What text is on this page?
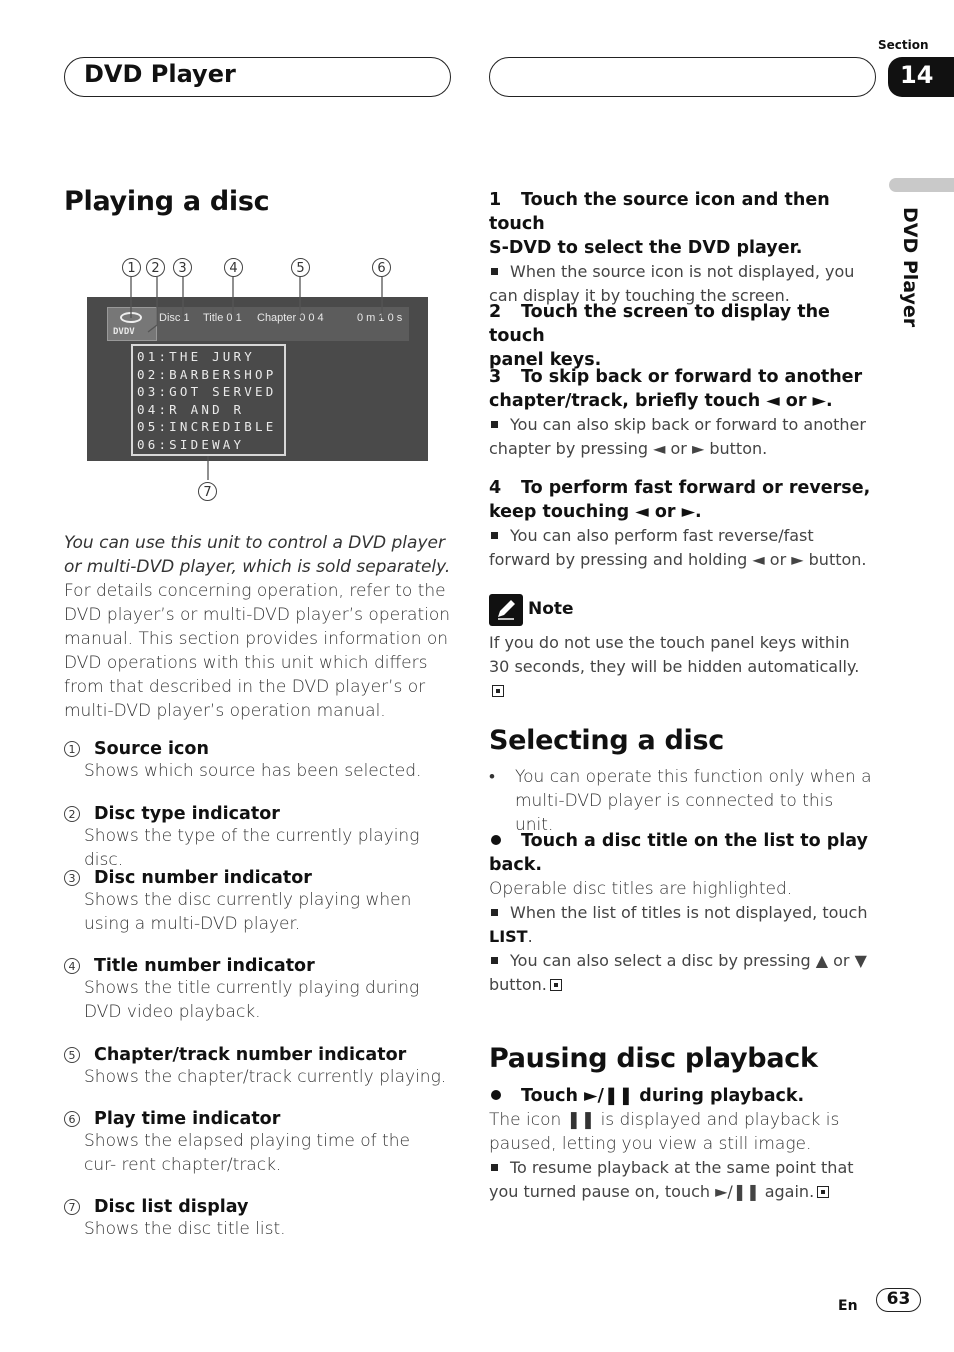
DVD Player
Section
14
DVD Player
Playing a disc
1	2	3	4	5	6
DVDV
Disc 1 Title 0 1 Chapter 0 0 4	0 m 1 0 s
01:THE JURY
02:BARBERSHOP
03:GOT SERVED
04:R AND R
05:INCREDIBLE
06:SIDEWAY
7
You can use this unit to control a DVD player or multi-DVD player, which is sold separately.
For details concerning operation, refer to the DVD player’s or multi-DVD player’s operation manual. This section provides information on DVD operations with this unit which differs from that described in the DVD player’s or multi-DVD player’s operation manual.
1 Source icon
Shows which source has been selected.
2 Disc type indicator
Shows the type of the currently playing disc.
3 Disc number indicator
Shows the disc currently playing when using a multi-DVD player.
4 Title number indicator
Shows the title currently playing during DVD video playback.
5 Chapter/track number indicator
Shows the chapter/track currently playing.
6 Play time indicator
Shows the elapsed playing time of the cur- rent chapter/track.
7 Disc list display
Shows the disc title list.
1 Touch the source icon and then touch
S-DVD to select the DVD player.
When the source icon is not displayed, you can display it by touching the screen.
2 Touch the screen to display the touch
panel keys.
3 To skip back or forward to another
chapter/track, briefly touch ◄ or ►.
You can also skip back or forward to another chapter by pressing ◄ or ► button.
4 To perform fast forward or reverse,
keep touching ◄ or ►.
You can also perform fast reverse/fast forward by pressing and holding ◄ or ► button.
Note
If you do not use the touch panel keys within 30 seconds, they will be hidden automatically.
Selecting a disc
•	You can operate this function only when a multi-DVD player is connected to this unit.
Touch a disc title on the list to play
back.
Operable disc titles are highlighted.
When the list of titles is not displayed, touch
LIST.
You can also select a disc by pressing ▲ or ▼ button.
Pausing disc playback
Touch ►/❚❚ during playback.
The icon ❚❚ is displayed and playback is paused, letting you view a still image.
To resume playback at the same point that you turned pause on, touch ►/❚❚ again.
En	63
